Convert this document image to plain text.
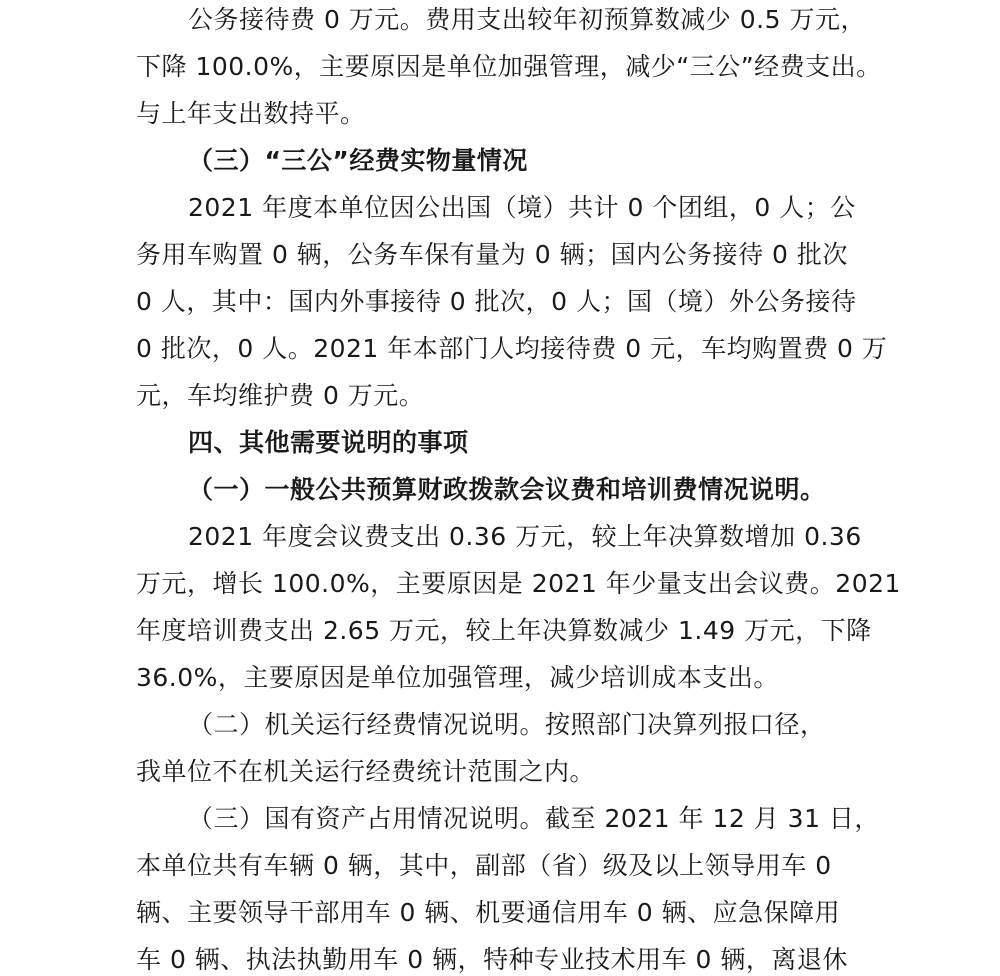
公务接待费 0 万元。费用支出较年初预算数减少 0.5 万元，
下降 100.0%，主要原因是单位加强管理，减少“三公”经费支出。
与上年支出数持平。
（三）“三公”经费实物量情况
2021 年度本单位因公出国（境）共计 0 个团组，0 人；公
务用车购置 0 辆，公务车保有量为 0 辆；国内公务接待 0 批次
0 人，其中：国内外事接待 0 批次，0 人；国（境）外公务接待
0 批次，0 人。2021 年本部门人均接待费 0 元，车均购置费 0 万
元，车均维护费 0 万元。
四、其他需要说明的事项
（一）一般公共预算财政拨款会议费和培训费情况说明。
2021 年度会议费支出 0.36 万元，较上年决算数增加 0.36
万元，增长 100.0%，主要原因是 2021 年少量支出会议费。2021
年度培训费支出 2.65 万元，较上年决算数减少 1.49 万元，下降
36.0%，主要原因是单位加强管理，减少培训成本支出。
（二）机关运行经费情况说明。按照部门决算列报口径，
我单位不在机关运行经费统计范围之内。
（三）国有资产占用情况说明。截至 2021 年 12 月 31 日，
本单位共有车辆 0 辆，其中，副部（省）级及以上领导用车 0
辆、主要领导干部用车 0 辆、机要通信用车 0 辆、应急保障用
车 0 辆、执法执勤用车 0 辆，特种专业技术用车 0 辆，离退休
